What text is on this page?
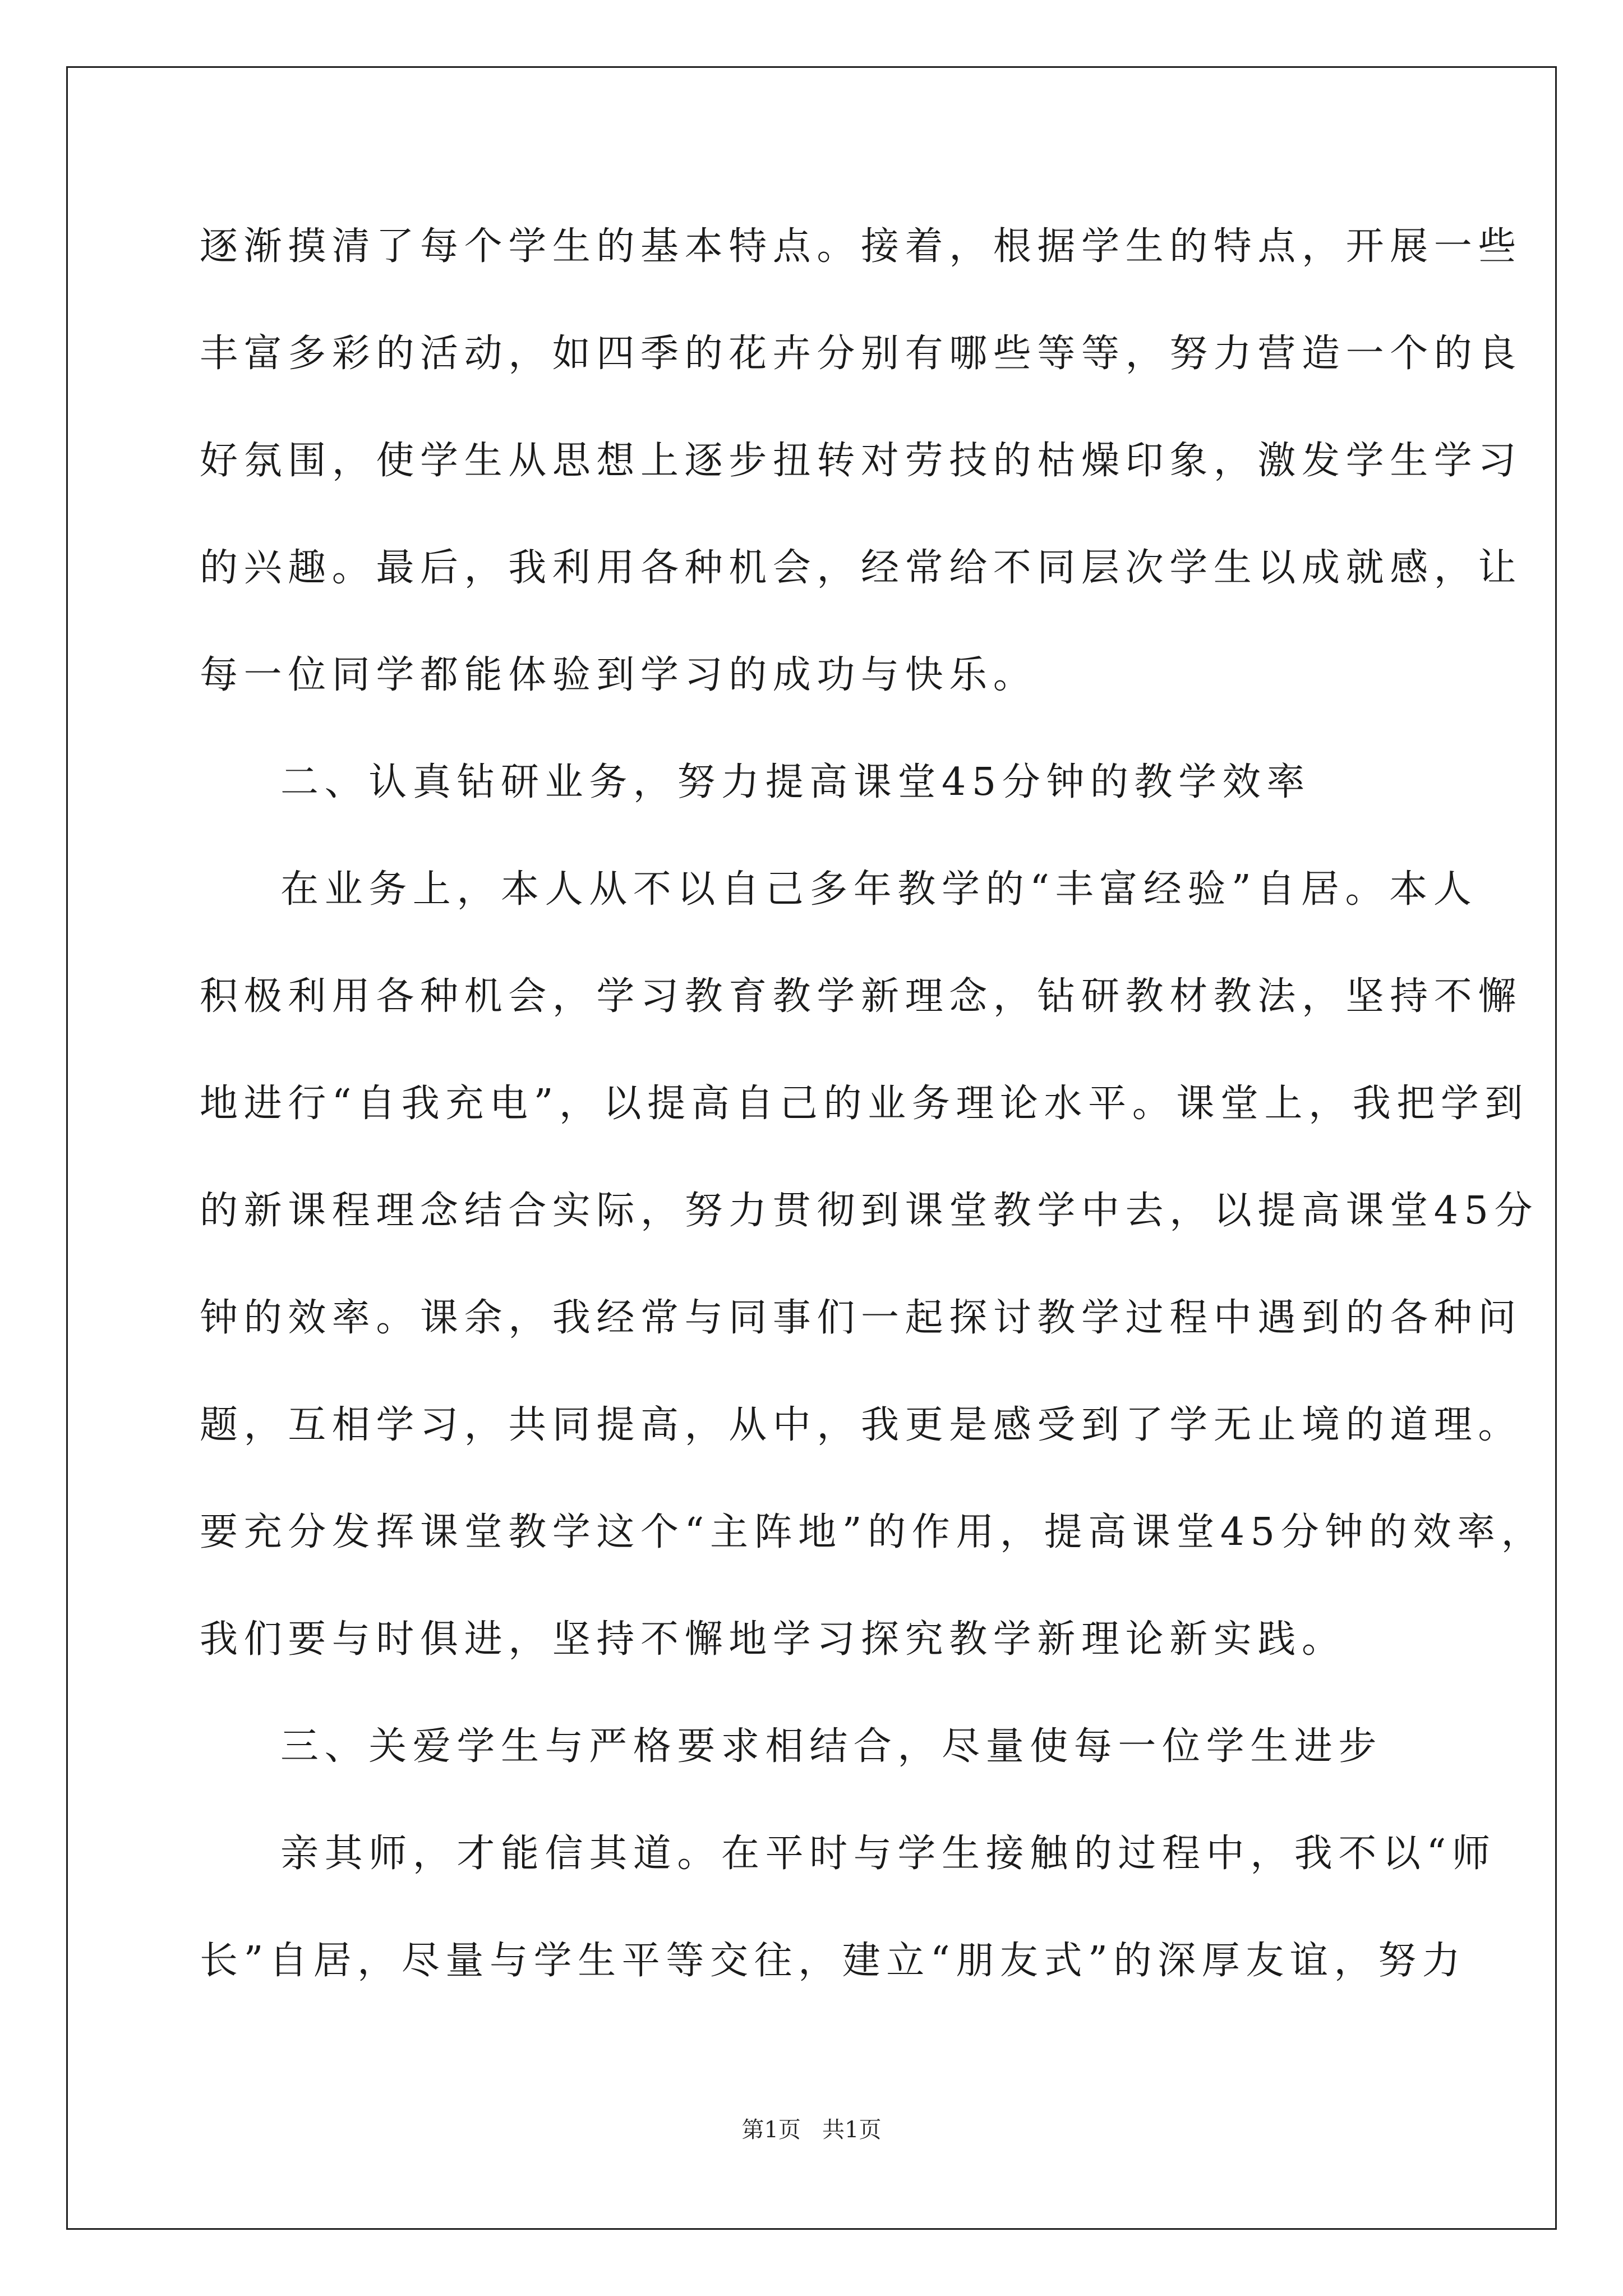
逐渐摸清了每个学生的基本特点。接着，根据学生的特点，开展一些
丰富多彩的活动，如四季的花卉分别有哪些等等，努力营造一个的良
好氛围，使学生从思想上逐步扭转对劳技的枯燥印象，激发学生学习
的兴趣。最后，我利用各种机会，经常给不同层次学生以成就感，让
每一位同学都能体验到学习的成功与快乐。
二、认真钻研业务，努力提高课堂45分钟的教学效率
在业务上，本人从不以自己多年教学的“丰富经验”自居。本人
积极利用各种机会，学习教育教学新理念，钻研教材教法，坚持不懈
地进行“自我充电”，以提高自己的业务理论水平。课堂上，我把学到
的新课程理念结合实际，努力贯彻到课堂教学中去，以提高课堂45分
钟的效率。课余，我经常与同事们一起探讨教学过程中遇到的各种问
题，互相学习，共同提高，从中，我更是感受到了学无止境的道理。
要充分发挥课堂教学这个“主阵地”的作用，提高课堂45分钟的效率，
我们要与时俱进，坚持不懈地学习探究教学新理论新实践。
三、关爱学生与严格要求相结合，尽量使每一位学生进步
亲其师，才能信其道。在平时与学生接触的过程中，我不以“师
长”自居，尽量与学生平等交往，建立“朋友式”的深厚友谊，努力
第1页   共1页
